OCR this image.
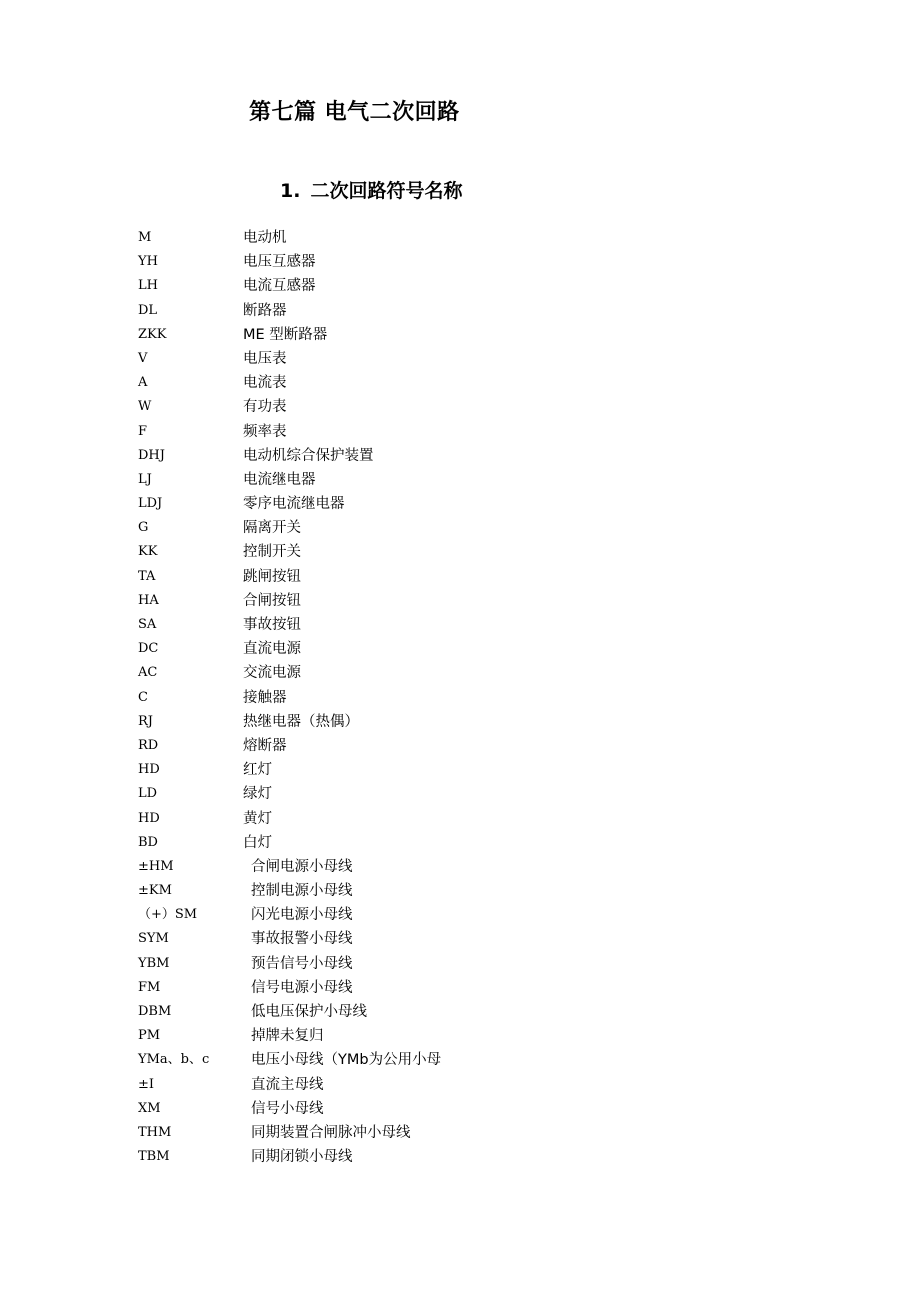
第七篇 电气二次回路
1. 二次回路符号名称
M	电动机
YH	电压互感器
LH	电流互感器
DL	断路器
ZKK	ME 型断路器
V	电压表
A	电流表
W	有功表
F	频率表
DHJ	电动机综合保护装置
LJ	电流继电器
LDJ	零序电流继电器
G	隔离开关
KK	控制开关
TA	跳闸按钮
HA	合闸按钮
SA	事故按钮
DC	直流电源
AC	交流电源
C	接触器
RJ	热继电器（热偶）
RD	熔断器
HD	红灯
LD	绿灯
HD	黄灯
BD	白灯
±HM	合闸电源小母线
±KM	控制电源小母线
（+）SM	闪光电源小母线
SYM	事故报警小母线
YBM	预告信号小母线
FM	信号电源小母线
DBM	低电压保护小母线
PM	掉牌未复归
YMa、b、c	电压小母线（YMb为公用小母
±I	直流主母线
XM	信号小母线
THM	同期装置合闸脉冲小母线
TBM	同期闭锁小母线
